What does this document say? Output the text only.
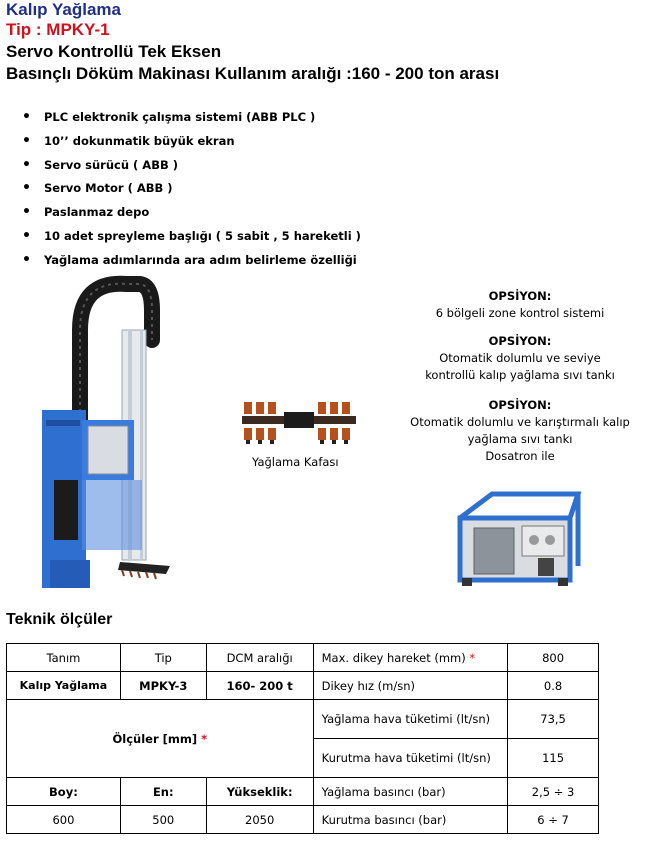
Kalıp Yağlama
Tip : MPKY-1
Servo Kontrollü Tek Eksen
Basınçlı Döküm Makinası Kullanım aralığı :160 - 200 ton arası
• PLC elektronik çalışma sistemi (ABB PLC )
• 10’’ dokunmatik büyük ekran
• Servo sürücü ( ABB )
• Servo Motor ( ABB )
• Paslanmaz depo
• 10 adet spreyleme başlığı ( 5 sabit , 5 hareketli )
• Yağlama adımlarında ara adım belirleme özelliği
Yağlama Kafası
OPSİYON:
6 bölgeli zone kontrol sistemi
OPSİYON:
Otomatik dolumlu ve seviye
kontrollü kalıp yağlama sıvı tankı
OPSİYON:
Otomatik dolumlu ve karıştırmalı kalıp
yağlama sıvı tankı
Dosatron ile
Teknik ölçüler
Tanım	Tip	DCM aralığı	Max. dikey hareket (mm) *	800
Kalıp Yağlama	MPKY-3	160- 200 t	Dikey hız (m/sn)	0.8
Ölçüler [mm] *			Yağlama hava tüketimi (lt/sn)	73,5
			Kurutma hava tüketimi (lt/sn)	115
Boy:	En:	Yükseklik:	Yağlama basıncı (bar)	2,5 ÷ 3
600	500	2050	Kurutma basıncı (bar)	6 ÷ 7
